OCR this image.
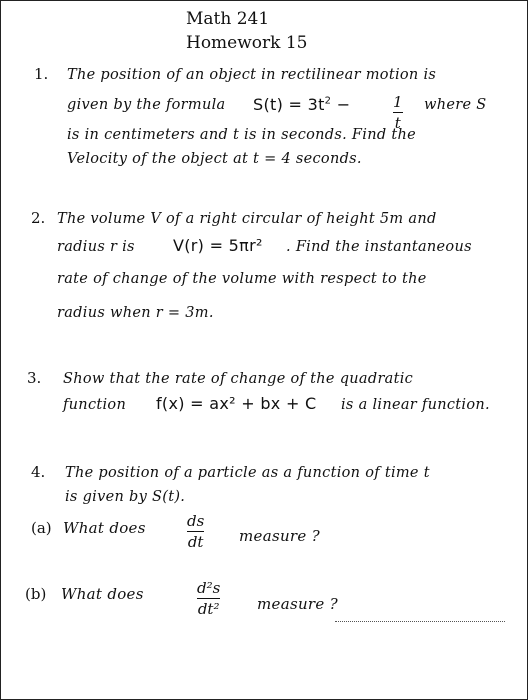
Math 241
Homework 15
1. The position of an object in rectilinear motion is
given by the formula $S(t) = 3t^2$ −	1
t
where S
is in centimeters and t is in seconds. Find the
Velocity of the object at t = 4 seconds.
2. The volume V of a right circular of height 5m and
radius r is V(r) = 5πr² . Find the instantaneous
rate of change of the volume with respect to the
radius when r = 3m.
3. Show that the rate of change of the quadratic
function f(x) = ax² + bx + C is a linear function.
4. The position of a particle as a function of time t
is given by S(t).
(a) What does	ds
dt measure ?
(b) What does	d²s
dt²	measure ?
